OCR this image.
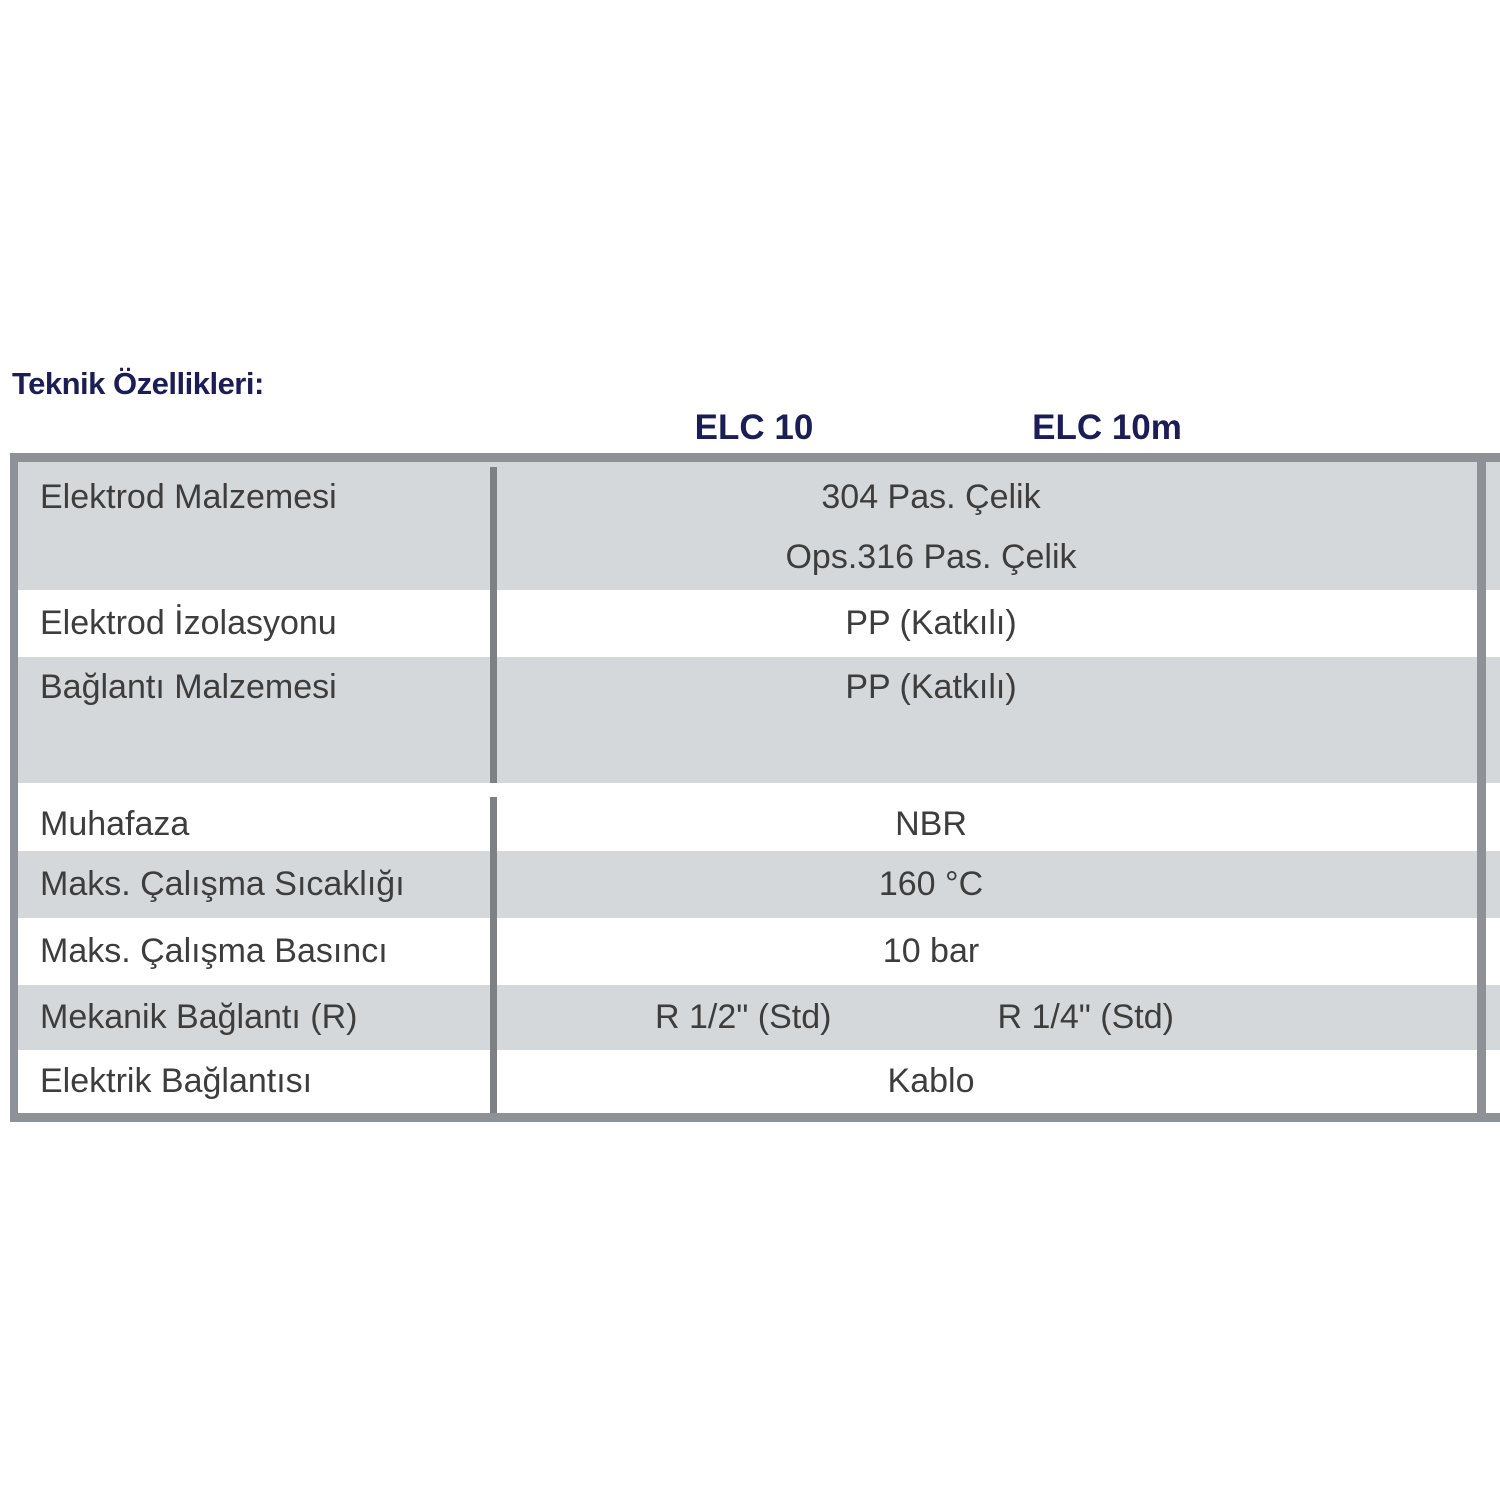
Teknik Özellikleri:
ELC 10	ELC 10m
Elektrod Malzemesi	304 Pas. Çelik
Ops.316 Pas. Çelik
Elektrod İzolasyonu	PP (Katkılı)
Bağlantı Malzemesi	PP (Katkılı)
Muhafaza	NBR
Maks. Çalışma Sıcaklığı	160 °C
Maks. Çalışma Basıncı	10 bar
Mekanik Bağlantı (R)	R 1/2" (Std)	R 1/4" (Std)
Elektrik Bağlantısı	Kablo
